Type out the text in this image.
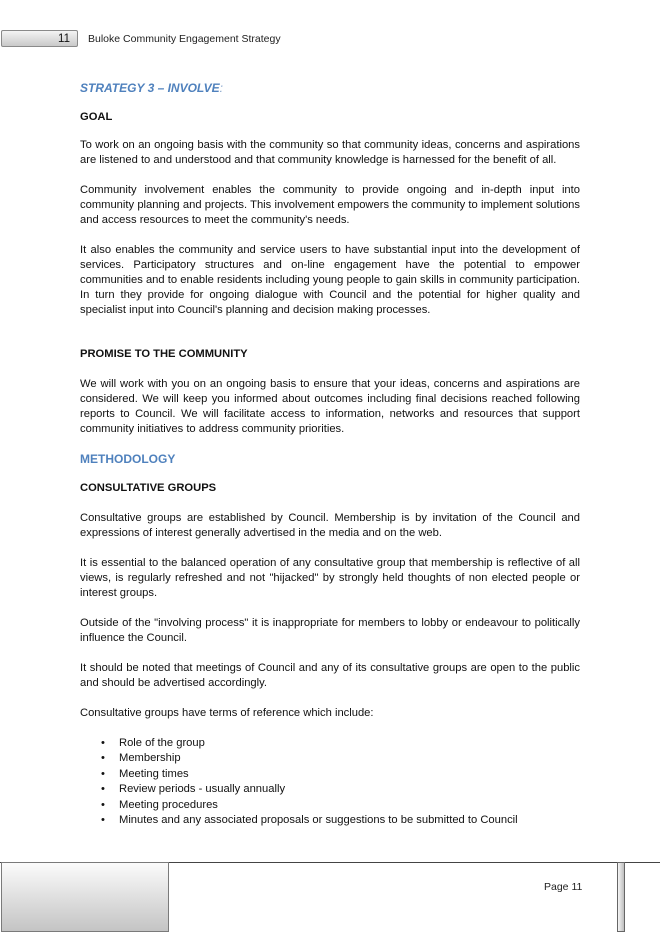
11	Buloke Community Engagement Strategy

STRATEGY 3 – INVOLVE:

GOAL

To work on an ongoing basis with the community so that community ideas, concerns and aspirations are listened to and understood and that community knowledge is harnessed for the benefit of all.

Community involvement enables the community to provide ongoing and in-depth input into community planning and projects. This involvement empowers the community to implement solutions and access resources to meet the community's needs.

It also enables the community and service users to have substantial input into the development of services. Participatory structures and on-line engagement have the potential to empower communities and to enable residents including young people to gain skills in community participation. In turn they provide for ongoing dialogue with Council and the potential for higher quality and specialist input into Council's planning and decision making processes.

PROMISE TO THE COMMUNITY

We will work with you on an ongoing basis to ensure that your ideas, concerns and aspirations are considered. We will keep you informed about outcomes including final decisions reached following reports to Council. We will facilitate access to information, networks and resources that support community initiatives to address community priorities.

METHODOLOGY

CONSULTATIVE GROUPS

Consultative groups are established by Council. Membership is by invitation of the Council and expressions of interest generally advertised in the media and on the web.

It is essential to the balanced operation of any consultative group that membership is reflective of all views, is regularly refreshed and not "hijacked" by strongly held thoughts of non elected people or interest groups.

Outside of the "involving process" it is inappropriate for members to lobby or endeavour to politically influence the Council.

It should be noted that meetings of Council and any of its consultative groups are open to the public and should be advertised accordingly.

Consultative groups have terms of reference which include:

• Role of the group
• Membership
• Meeting times
• Review periods - usually annually
• Meeting procedures
• Minutes and any associated proposals or suggestions to be submitted to Council
Page 11
